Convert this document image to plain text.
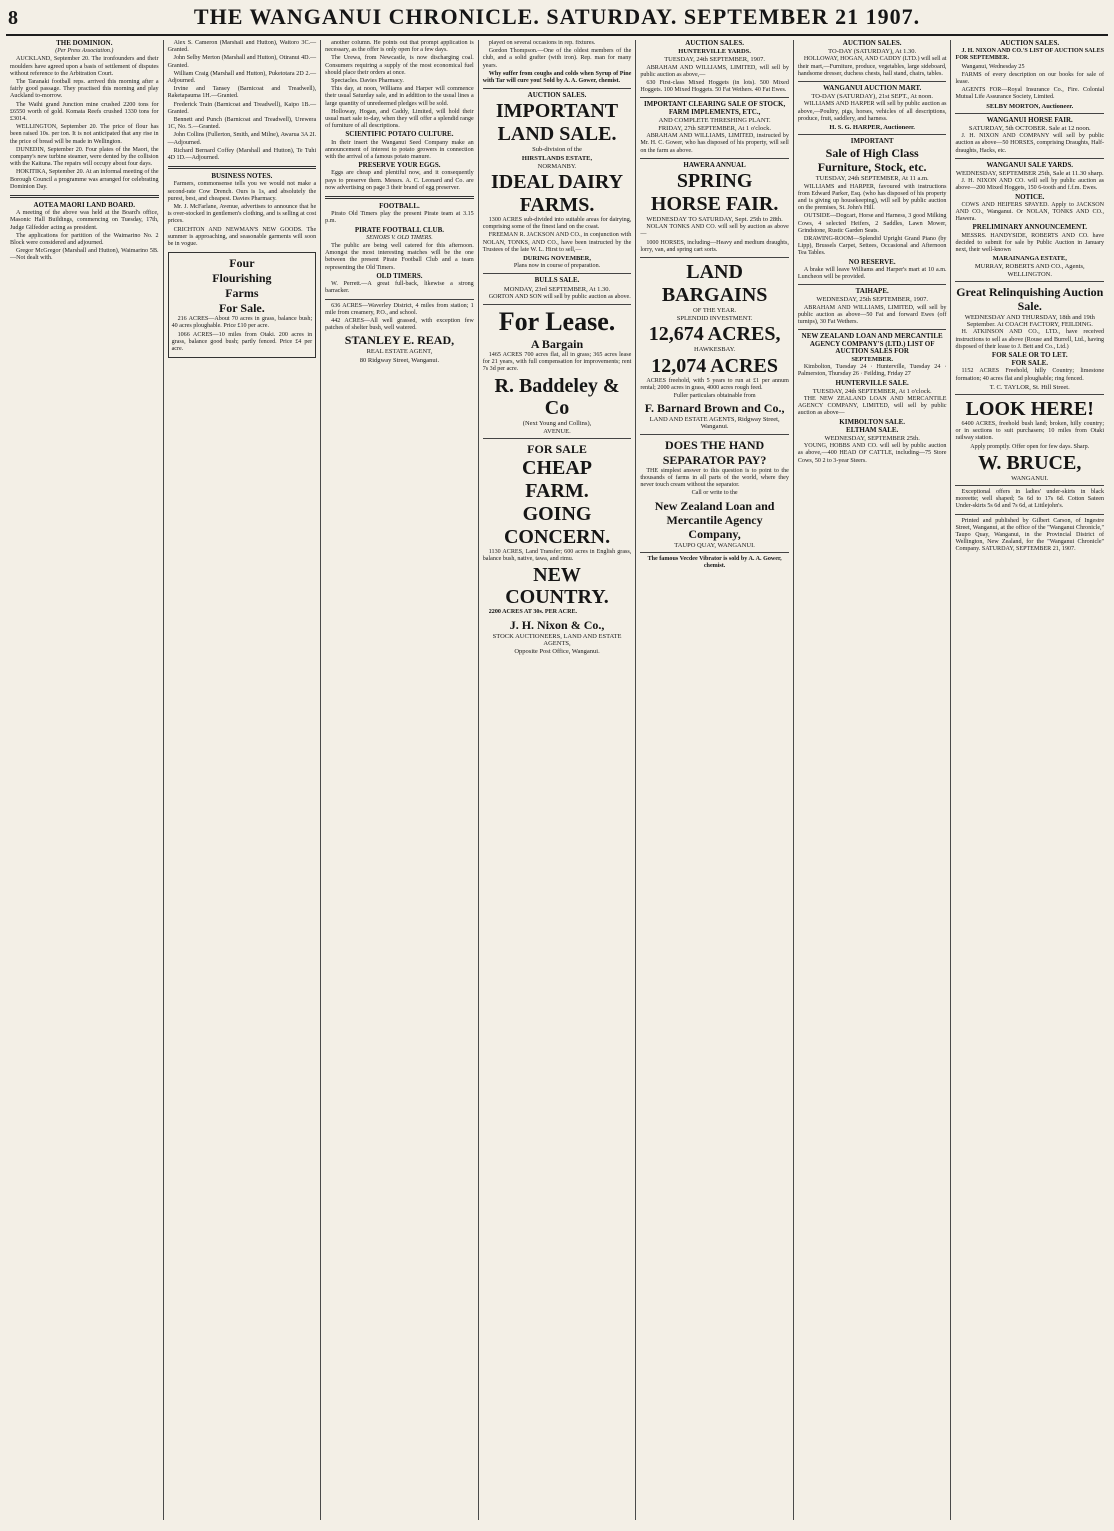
8	THE WANGANUI CHRONICLE. SATURDAY. SEPTEMBER 21 1907.

THE DOMINION.

(Per Press Association.)

AUCKLAND, September 20. The ironfounders and their moulders have agreed upon a basis of settlement of disputes without reference to the Arbitration Court.

The Taranaki football reps. arrived this morning after a fairly good passage. They practised this morning and play Auckland to-morrow.

The Waihi grand Junction mine crushed 2200 tons for £6550 worth of gold. Komata Reefs crushed 1330 tons for £3014.

WELLINGTON, September 20. The price of flour has been raised 10s. per ton. It is not anticipated that any rise in the price of bread will be made in Wellington.

DUNEDIN, September 20. Four plates of the Maori, the company's new turbine steamer, were dented by the collision with the Kaituna. The repairs will occupy about four days.

HOKITIKA, September 20. At an informal meeting of the Borough Council a programme was arranged for celebrating Dominion Day.

AOTEA MAORI LAND BOARD.

A meeting of the above was held at the Board's office, Masonic Hall Buildings, commencing on Tuesday, 17th, Judge Gilfedder acting as president.

The applications for partition of the Waimarino No. 2 Block were considered and adjourned.

Gregor McGregor (Marshall and Hutton), Waimarino 5B.—Not dealt with.

Alex S. Cameron (Marshall and Hutton), Waitoro 3C.—Granted.

John Selby Merton (Marshall and Hutton), Otiranui 4D.—Granted.

William Craig (Marshall and Hutton), Puketotara 2D 2.—Adjourned.

Irvine and Tansey (Barnicoat and Treadwell), Raketapauma 1H.—Granted.

Frederick Train (Barnicoat and Treadwell), Kaipo 1B.—Granted.

Bennett and Punch (Barnicoat and Treadwell), Urewera 1C, No. 5.—Granted.

John Collins (Fullerton, Smith, and Milne), Awarua 3A 2I.—Adjourned.

Richard Bernard Coffey (Marshall and Hutton), Te Tuhi 4D 1D.—Adjourned.

BUSINESS NOTES.

Farmers, commonsense tells you we would not make a second-rate Cow Drench. Ours is 1s, and absolutely the purest, best, and cheapest. Davies Pharmacy.

Mr. J. McFarlane, Avenue, advertises to announce that he is over-stocked in gentlemen's clothing, and is selling at cost prices.

CRICHTON AND NEWMAN'S NEW GOODS. The summer is approaching, and seasonable garments will soon be in vogue.

Four

Flourishing

Farms

For Sale.

216 ACRES—About 70 acres in grass, balance bush; 40 acres ploughable. Price £10 per acre.

1066 ACRES—10 miles from Otaki. 200 acres in grass, balance good bush; partly fenced. Price £4 per acre.

another column. He points out that prompt application is necessary, as the offer is only open for a few days.

The Urewa, from Newcastle, is now discharging coal. Consumers requiring a supply of the most economical fuel should place their orders at once.

Spectacles. Davies Pharmacy.

This day, at noon, Williams and Harper will commence their usual Saturday sale, and in addition to the usual lines a large quantity of unredeemed pledges will be sold.

Holloway, Hogan, and Caddy, Limited, will hold their usual mart sale to-day, when they will offer a splendid range of furniture of all descriptions.

SCIENTIFIC POTATO CULTURE.

In their insert the Wanganui Seed Company make an announcement of interest to potato growers in connection with the arrival of a famous potato manure.

PRESERVE YOUR EGGS.

Eggs are cheap and plentiful now, and it consequently pays to preserve them. Messrs. A. C. Leonard and Co. are now advertising on page 3 their brand of egg preserver.

FOOTBALL.

Pirato Old Timers play the present Pirate team at 3.15 p.m.

PIRATE FOOTBALL CLUB.

SENIORS V. OLD TIMERS.

The public are being well catered for this afternoon. Amongst the most interesting matches will be the one between the present Pirate Football Club and a team representing the Old Timers.

OLD TIMERS.

W. Perrett.—A great full-back, likewise a strong barracker.

636 ACRES—Waverley District, 4 miles from station; 1 mile from creamery, P.O., and school.

442 ACRES—All well grassed, with exception few patches of shelter bush, well watered.

STANLEY E. READ,

REAL ESTATE AGENT,

80 Ridgway Street, Wanganui.

played on several occasions in rep. fixtures.

Gordon Thompson.—One of the oldest members of the club, and a solid grafter (with iron). Rep. man for many years.

Why suffer from coughs and colds when Syrup of Pine with Tar will cure you! Sold by A. A. Gower, chemist.

AUCTION SALES.

IMPORTANT

LAND SALE.

Sub-division of the

HIRSTLANDS ESTATE,

NORMANBY.

IDEAL DAIRY

FARMS.

1300 ACRES sub-divided into suitable areas for dairying, comprising some of the finest land on the coast.

FREEMAN R. JACKSON AND CO., in conjunction with NOLAN, TONKS, AND CO., have been instructed by the Trustees of the late W. L. Hirst to sell,—

DURING NOVEMBER,

Plans now in course of preparation.

BULLS SALE.

MONDAY, 23rd SEPTEMBER, At 1.30.

GORTON AND SON will sell by public auction as above.

For Lease.

A Bargain

1465 ACRES 700 acres flat, all in grass; 365 acres lease for 21 years, with full compensation for improvements; rent 7s 3d per acre.

R. Baddeley & Co

(Next Young and Collins),

AVENUE.

FOR SALE

CHEAP

FARM.

GOING

CONCERN.

1130 ACRES, Land Transfer; 600 acres in English grass, balance bush, native, tawa, and rimu.

NEW COUNTRY.

2200 ACRES AT 30s. PER ACRE.

J. H. Nixon & Co.,

STOCK AUCTIONEERS, LAND AND ESTATE AGENTS,

Opposite Post Office, Wanganui.

AUCTION SALES.

HUNTERVILLE YARDS.

TUESDAY, 24th SEPTEMBER, 1907.

ABRAHAM AND WILLIAMS, LIMITED, will sell by public auction as above,—

630 First-class Mixed Hoggets (in lots). 500 Mixed Hoggets. 100 Mixed Hoggets. 50 Fat Wethers. 40 Fat Ewes.

IMPORTANT CLEARING SALE OF STOCK, FARM IMPLEMENTS, ETC.,

AND COMPLETE THRESHING PLANT.

FRIDAY, 27th SEPTEMBER, At 1 o'clock.

ABRAHAM AND WILLIAMS, LIMITED, instructed by Mr. H. C. Gower, who has disposed of his property, will sell on the farm as above.

HAWERA ANNUAL

SPRING

HORSE FAIR.

WEDNESDAY TO SATURDAY, Sept. 25th to 28th.

NOLAN TONKS AND CO. will sell by auction as above—

1000 HORSES, including—Heavy and medium draughts, lorry, van, and spring cart sorts.

LAND

BARGAINS

OF THE YEAR.

SPLENDID INVESTMENT.

12,674 ACRES,

HAWKESBAY.

12,074 ACRES

ACRES freehold, with 5 years to run at £1 per annum rental; 2000 acres in grass, 4000 acres rough feed.

Fuller particulars obtainable from

F. Barnard Brown and Co.,

LAND AND ESTATE AGENTS, Ridgway Street, Wanganui.

DOES THE HAND

SEPARATOR PAY?

THE simplest answer to this question is to point to the thousands of farms in all parts of the world, where they never touch cream without the separator.

Call or write to the

New Zealand Loan and Mercantile Agency Company,

TAUPO QUAY, WANGANUI.

The famous Vecdee Vibrator is sold by A. A. Gower, chemist.

AUCTION SALES.

TO-DAY (SATURDAY), At 1.30.

HOLLOWAY, HOGAN, AND CADDY (LTD.) will sell at their mart,—Furniture, produce, vegetables, large sideboard, handsome dresser, duchess chests, hall stand, chairs, tables.

WANGANUI AUCTION MART.

TO-DAY (SATURDAY), 21st SEPT., At noon.

WILLIAMS AND HARPER will sell by public auction as above,—Poultry, pigs, horses, vehicles of all descriptions, produce, fruit, saddlery, and harness.

H. S. G. HARPER, Auctioneer.

IMPORTANT

Sale of High Class Furniture, Stock, etc.

TUESDAY, 24th SEPTEMBER, At 11 a.m.

WILLIAMS and HARPER, favoured with instructions from Edward Parker, Esq. (who has disposed of his property and is giving up housekeeping), will sell by public auction on the premises, St. John's Hill.

OUTSIDE—Dogcart, Horse and Harness, 3 good Milking Cows, 4 selected Heifers, 2 Saddles, Lawn Mower, Grindstone, Rustic Garden Seats.

DRAWING-ROOM—Splendid Upright Grand Piano (by Lipp), Brussels Carpet, Settees, Occasional and Afternoon Tea Tables.

NO RESERVE.

A brake will leave Williams and Harper's mart at 10 a.m. Luncheon will be provided.

TAIHAPE.

WEDNESDAY, 25th SEPTEMBER, 1907.

ABRAHAM AND WILLIAMS, LIMITED, will sell by public auction as above—50 Fat and forward Ewes (off turnips), 30 Fat Wethers.

NEW ZEALAND LOAN AND MERCANTILE AGENCY COMPANY'S (LTD.) LIST OF AUCTION SALES FOR

SEPTEMBER.

Kimbolton, Tuesday 24 · Hunterville, Tuesday 24 · Palmerston, Thursday 26 · Feilding, Friday 27

HUNTERVILLE SALE.

TUESDAY, 24th SEPTEMBER, At 1 o'clock.

THE NEW ZEALAND LOAN AND MERCANTILE AGENCY COMPANY, LIMITED, will sell by public auction as above—

KIMBOLTON SALE.

ELTHAM SALE.

WEDNESDAY, SEPTEMBER 25th.

YOUNG, HOBBS AND CO. will sell by public auction as above,—400 HEAD OF CATTLE, including—75 Store Cows, 50 2 to 3-year Steers.

AUCTION SALES.

J. H. NIXON AND CO.'S LIST OF AUCTION SALES FOR SEPTEMBER.

Wanganui, Wednesday 25

FARMS of every description on our books for sale of lease.

AGENTS FOR—Royal Insurance Co., Fire. Colonial Mutual Life Assurance Society, Limited.

SELBY MORTON, Auctioneer.

WANGANUI HORSE FAIR.

SATURDAY, 5th OCTOBER. Sale at 12 noon.

J. H. NIXON AND COMPANY will sell by public auction as above—50 HORSES, comprising Draughts, Half-draughts, Hacks, etc.

WANGANUI SALE YARDS.

WEDNESDAY, SEPTEMBER 25th, Sale at 11.30 sharp.

J. H. NIXON AND CO. will sell by public auction as above—200 Mixed Hoggets, 150 6-tooth and f.f.m. Ewes.

NOTICE.

COWS AND HEIFERS SPAYED. Apply to JACKSON AND CO., Wanganui. Or NOLAN, TONKS AND CO., Hawera.

PRELIMINARY ANNOUNCEMENT.

MESSRS. HANDYSIDE, ROBERTS AND CO. have decided to submit for sale by Public Auction in January next, their well-known

MARAINANGA ESTATE,

MURRAY, ROBERTS AND CO., Agents, WELLINGTON.

Great Relinquishing Auction Sale.

WEDNESDAY AND THURSDAY, 18th and 19th September. At COACH FACTORY, FEILDING.

H. ATKINSON AND CO., LTD., have received instructions to sell as above (Rouse and Burrell, Ltd., having disposed of their lease to J. Bett and Co., Ltd.)

FOR SALE OR TO LET.

FOR SALE.

1152 ACRES Freehold, hilly Country; limestone formation; 40 acres flat and ploughable; ring fenced.

T. C. TAYLOR, St. Hill Street.

LOOK HERE!

6400 ACRES, freehold bush land; broken, hilly country; or in sections to suit purchasers; 10 miles from Otaki railway station.

Apply promptly. Offer open for few days. Sharp.

W. BRUCE,

WANGANUI.

Exceptional offers in ladies' under-skirts in black moreette; well shaped; 5s 6d to 17s 6d. Cotton Sateen Under-skirts 5s 6d and 7s 6d, at Littlejohn's.

Printed and published by Gilbert Carson, of Ingestre Street, Wanganui, at the office of the "Wanganui Chronicle," Taupo Quay, Wanganui, in the Provincial District of Wellington, New Zealand, for the "Wanganui Chronicle" Company. SATURDAY, SEPTEMBER 21, 1907.
